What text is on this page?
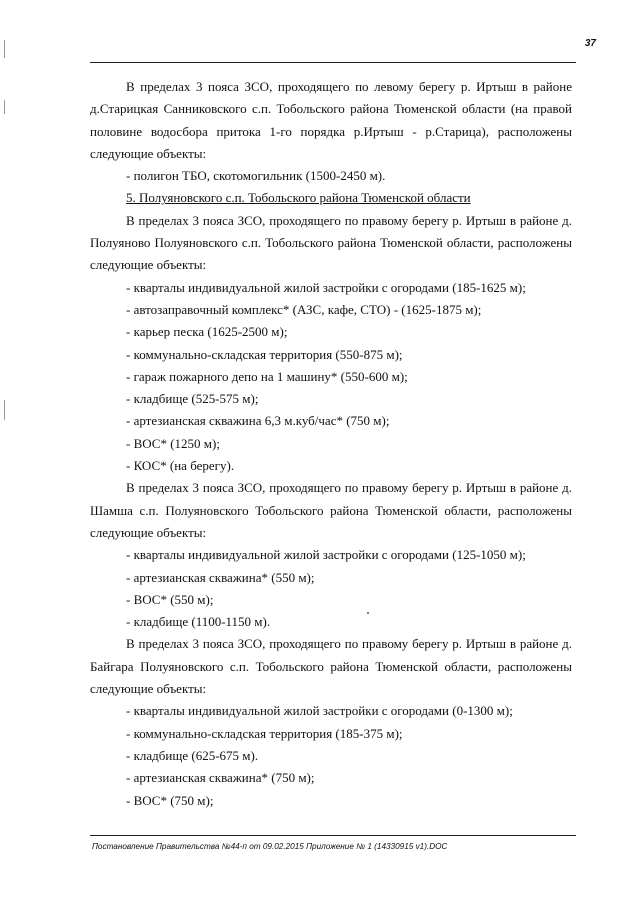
37

В пределах 3 пояса ЗСО, проходящего по левому берегу р. Иртыш в районе д.Старицкая Санниковского с.п. Тобольского района Тюменской области (на правой половине водосбора притока 1-го порядка р.Иртыш - р.Старица), расположены следующие объекты:

- полигон ТБО, скотомогильник (1500-2450 м).

5. Полуяновского с.п. Тобольского района Тюменской области

В пределах 3 пояса ЗСО, проходящего по правому берегу р. Иртыш в районе д. Полуяново Полуяновского с.п. Тобольского района Тюменской области, расположены следующие объекты:

- кварталы индивидуальной жилой застройки с огородами (185-1625 м);

- автозаправочный комплекс* (АЗС, кафе, СТО) - (1625-1875 м);

- карьер песка (1625-2500 м);

- коммунально-складская территория (550-875 м);

- гараж пожарного депо на 1 машину* (550-600 м);

- кладбище (525-575 м);

- артезианская скважина 6,3 м.куб/час* (750 м);

- ВОС* (1250 м);

- КОС* (на берегу).

В пределах 3 пояса ЗСО, проходящего по правому берегу р. Иртыш в районе д. Шамша с.п. Полуяновского Тобольского района Тюменской области, расположены следующие объекты:

- кварталы индивидуальной жилой застройки с огородами (125-1050 м);

- артезианская скважина* (550 м);

- ВОС* (550 м);

- кладбище (1100-1150 м).

В пределах 3 пояса ЗСО, проходящего по правому берегу р. Иртыш в районе д. Байгара Полуяновского с.п. Тобольского района Тюменской области, расположены следующие объекты:

- кварталы индивидуальной жилой застройки с огородами (0-1300 м);

- коммунально-складская территория (185-375 м);

- кладбище (625-675 м).

- артезианская скважина* (750 м);

- ВОС* (750 м);

Постановление Правительства №44-п от 09.02.2015 Приложение № 1 (14330915 v1).DOC
